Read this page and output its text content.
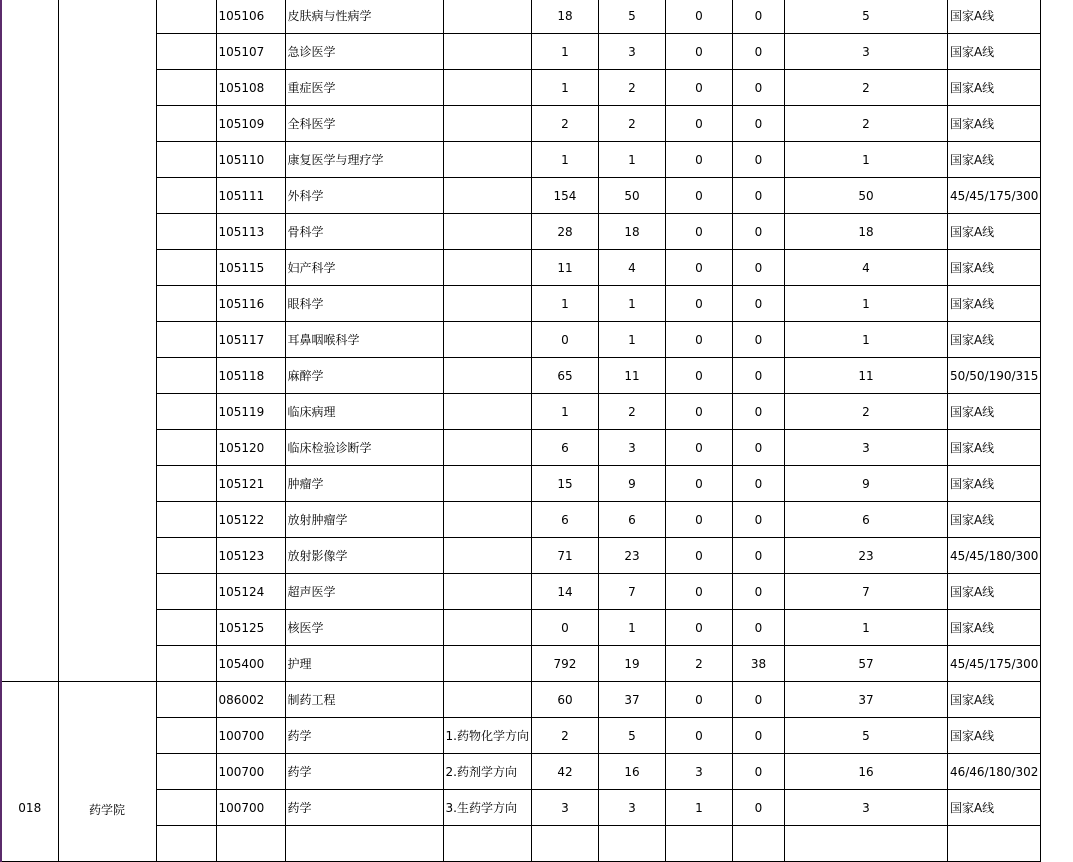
			105106	皮肤病与性病学		18	5	0	0	5	国家A线
			105107	急诊医学		1	3	0	0	3	国家A线
			105108	重症医学		1	2	0	0	2	国家A线
			105109	全科医学		2	2	0	0	2	国家A线
			105110	康复医学与理疗学		1	1	0	0	1	国家A线
			105111	外科学		154	50	0	0	50	45/45/175/300
			105113	骨科学		28	18	0	0	18	国家A线
			105115	妇产科学		11	4	0	0	4	国家A线
			105116	眼科学		1	1	0	0	1	国家A线
			105117	耳鼻咽喉科学		0	1	0	0	1	国家A线
			105118	麻醉学		65	11	0	0	11	50/50/190/315
			105119	临床病理		1	2	0	0	2	国家A线
			105120	临床检验诊断学		6	3	0	0	3	国家A线
			105121	肿瘤学		15	9	0	0	9	国家A线
			105122	放射肿瘤学		6	6	0	0	6	国家A线
			105123	放射影像学		71	23	0	0	23	45/45/180/300
			105124	超声医学		14	7	0	0	7	国家A线
			105125	核医学		0	1	0	0	1	国家A线
			105400	护理		792	19	2	38	57	45/45/175/300
018	药学院		086002	制药工程		60	37	0	0	37	国家A线
			100700	药学	1.药物化学方向	2	5	0	0	5	国家A线
			100700	药学	2.药剂学方向	42	16	3	0	16	46/46/180/302
			100700	药学	3.生药学方向	3	3	1	0	3	国家A线
